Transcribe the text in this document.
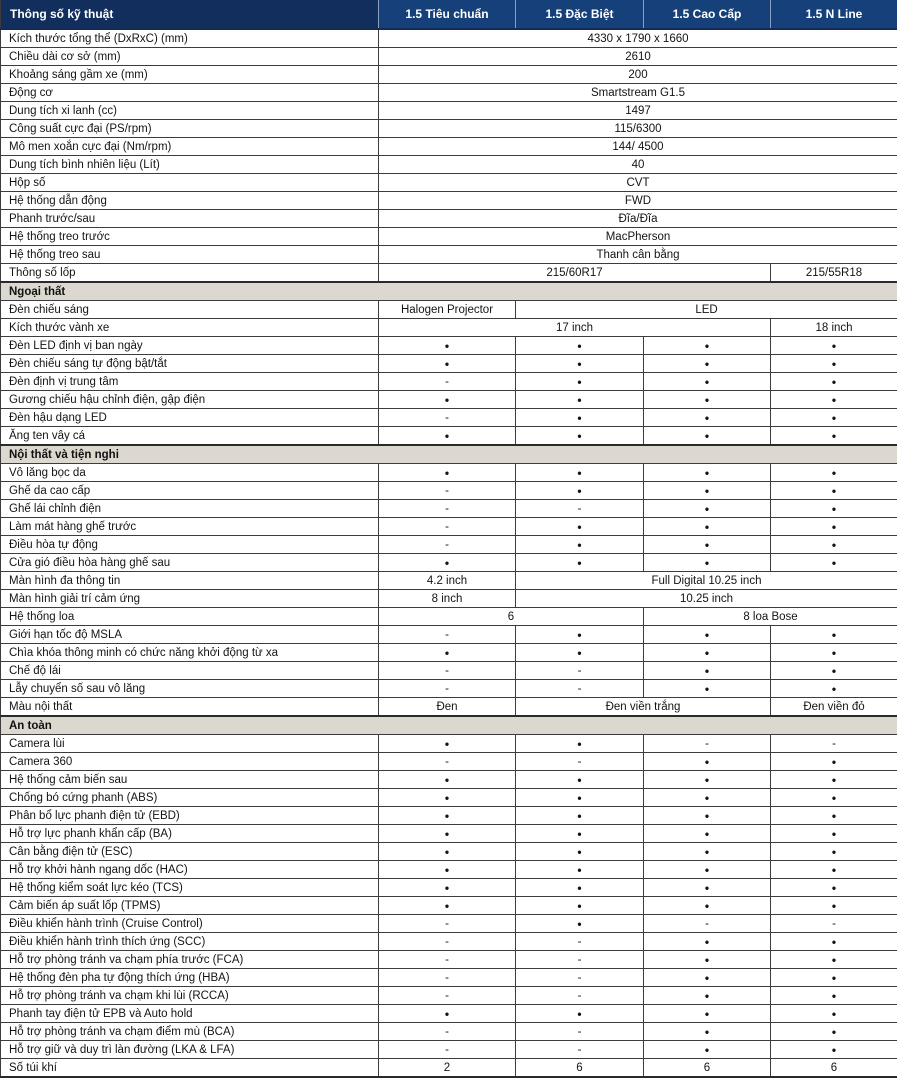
Thông số kỹ thuật	1.5 Tiêu chuẩn	1.5 Đặc Biệt	1.5 Cao Cấp	1.5 N Line
Kích thước tổng thể (DxRxC) (mm)	4330 x 1790 x 1660			
Chiều dài cơ sở (mm)	2610			
Khoảng sáng gầm xe (mm)	200			
Động cơ	Smartstream G1.5			
Dung tích xi lanh (cc)	1497			
Công suất cực đại (PS/rpm)	115/6300			
Mô men xoắn cực đại (Nm/rpm)	144/ 4500			
Dung tích bình nhiên liệu (Lít)	40			
Hộp số	CVT			
Hệ thống dẫn động	FWD			
Phanh trước/sau	Đĩa/Đĩa			
Hệ thống treo trước	MacPherson			
Hệ thống treo sau	Thanh cân bằng			
Thông số lốp	215/60R17			215/55R18
Ngoại thất				
Đèn chiếu sáng	Halogen Projector	LED		
Kích thước vành xe	17 inch			18 inch
Đèn LED định vị ban ngày	•	•	•	•
Đèn chiếu sáng tự động bật/tắt	•	•	•	•
Đèn định vị trung tâm	-	•	•	•
Gương chiếu hậu chỉnh điện, gập điện	•	•	•	•
Đèn hậu dạng LED	-	•	•	•
Ăng ten vây cá	•	•	•	•
Nội thất và tiện nghi				
Vô lăng bọc da	•	•	•	•
Ghế da cao cấp	-	•	•	•
Ghế lái chỉnh điện	-	-	•	•
Làm mát hàng ghế trước	-	•	•	•
Điều hòa tự động	-	•	•	•
Cửa gió điều hòa hàng ghế sau	•	•	•	•
Màn hình đa thông tin	4.2 inch	Full Digital 10.25 inch		
Màn hình giải trí cảm ứng	8 inch	10.25 inch		
Hệ thống loa	6		8 loa Bose	
Giới hạn tốc độ MSLA	-	•	•	•
Chìa khóa thông minh có chức năng khởi động từ xa	•	•	•	•
Chế độ lái	-	-	•	•
Lẫy chuyển số sau vô lăng	-	-	•	•
Màu nội thất	Đen	Đen viền trắng		Đen viền đỏ
An toàn				
Camera lùi	•	•	-	-
Camera 360	-	-	•	•
Hệ thống cảm biến sau	•	•	•	•
Chống bó cứng phanh (ABS)	•	•	•	•
Phân bổ lực phanh điện tử (EBD)	•	•	•	•
Hỗ trợ lực phanh khẩn cấp (BA)	•	•	•	•
Cân bằng điện tử (ESC)	•	•	•	•
Hỗ trợ khởi hành ngang dốc (HAC)	•	•	•	•
Hệ thống kiểm soát lực kéo (TCS)	•	•	•	•
Cảm biến áp suất lốp (TPMS)	•	•	•	•
Điều khiển hành trình (Cruise Control)	-	•	-	-
Điều khiển hành trình thích ứng (SCC)	-	-	•	•
Hỗ trợ phòng tránh va chạm phía trước (FCA)	-	-	•	•
Hệ thống đèn pha tự động thích ứng (HBA)	-	-	•	•
Hỗ trợ phòng tránh va chạm khi lùi (RCCA)	-	-	•	•
Phanh tay điện tử EPB và Auto hold	•	•	•	•
Hỗ trợ phòng tránh va chạm điểm mù (BCA)	-	-	•	•
Hỗ trợ giữ và duy trì làn đường (LKA & LFA)	-	-	•	•
Số túi khí	2	6	6	6
